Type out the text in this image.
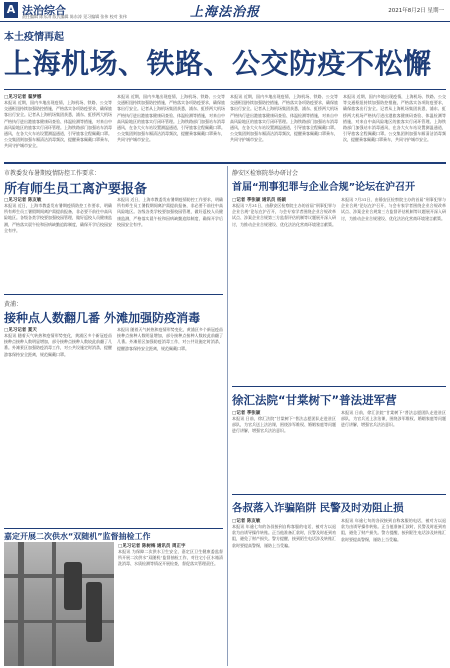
A 法治综合
责任编辑 陈东涛 版式编辑 陈东涛 见习编辑 张伟 校对 张伟	上海法治报	2021年8月2日 星期一
本土疫情再起
上海机场、铁路、公交防疫不松懈
□见习记者 翟梦娜
本报讯 近期，国内多地出现疫情，上海机场、铁路、公交等交通枢纽持续加强防控措施，严格落实各项防疫要求，确保旅客出行安全。记者从上海机场集团获悉，浦东、虹桥两大机场严格执行进出港旅客健康码查验、体温检测等措施，对来自中高风险地区的旅客实行闭环管理。上海铁路部门加强站车消毒通风，在各大火车站设置测温通道，引导旅客全程佩戴口罩。公交集团则加强车厢清洁消毒频次，提醒乘客佩戴口罩乘车，共同守护城市安全。
本报讯 近期，国内多地出现疫情，上海机场、铁路、公交等交通枢纽持续加强防控措施，严格落实各项防疫要求，确保旅客出行安全。记者从上海机场集团获悉，浦东、虹桥两大机场严格执行进出港旅客健康码查验、体温检测等措施，对来自中高风险地区的旅客实行闭环管理。上海铁路部门加强站车消毒通风，在各大火车站设置测温通道，引导旅客全程佩戴口罩。公交集团则加强车厢清洁消毒频次，提醒乘客佩戴口罩乘车，共同守护城市安全。
本报讯 近期，国内多地出现疫情，上海机场、铁路、公交等交通枢纽持续加强防控措施，严格落实各项防疫要求，确保旅客出行安全。记者从上海机场集团获悉，浦东、虹桥两大机场严格执行进出港旅客健康码查验、体温检测等措施，对来自中高风险地区的旅客实行闭环管理。上海铁路部门加强站车消毒通风，在各大火车站设置测温通道，引导旅客全程佩戴口罩。公交集团则加强车厢清洁消毒频次，提醒乘客佩戴口罩乘车，共同守护城市安全。
本报讯 近期，国内多地出现疫情，上海机场、铁路、公交等交通枢纽持续加强防控措施，严格落实各项防疫要求，确保旅客出行安全。记者从上海机场集团获悉，浦东、虹桥两大机场严格执行进出港旅客健康码查验、体温检测等措施，对来自中高风险地区的旅客实行闭环管理。上海铁路部门加强站车消毒通风，在各大火车站设置测温通道，引导旅客全程佩戴口罩。公交集团则加强车厢清洁消毒频次，提醒乘客佩戴口罩乘车，共同守护城市安全。
市教委发布暑期疫情防控工作要求：
所有师生员工离沪要报备
□见习记者 陈友敏
本报讯 近日，上海市教委发布暑期疫情防控工作要求，明确所有师生员工暑假期间离沪需提前报备，非必要不前往中高风险地区。各级各类学校要加强校园管理，做好返校人员健康监测，严格落实晨午检和因病缺勤追踪制度，确保开学后校园安全有序。
本报讯 近日，上海市教委发布暑期疫情防控工作要求，明确所有师生员工暑假期间离沪需提前报备，非必要不前往中高风险地区。各级各类学校要加强校园管理，做好返校人员健康监测，严格落实晨午检和因病缺勤追踪制度，确保开学后校园安全有序。
黄浦：
接种点人数翻几番 外滩加强防疫消毒
□见习记者 夏天
本报讯 随着天气转热和疫情形势变化，黄浦区多个新冠疫苗接种点接种人数明显增加，部分接种点接种人数较此前翻了几番。外滩景区加强防疫消毒工作，对公共设施定时消杀，提醒游客保持安全距离，规范佩戴口罩。
本报讯 随着天气转热和疫情形势变化，黄浦区多个新冠疫苗接种点接种人数明显增加，部分接种点接种人数较此前翻了几番。外滩景区加强防疫消毒工作，对公共设施定时消杀，提醒游客保持安全距离，规范佩戴口罩。
嘉定开展二次供水“双随机”监督抽检工作
□见习记者 陈树梅 通讯员 周正宇
本报讯 为保障二次供水卫生安全，嘉定区卫生健康委监督所开展二次供水“双随机”监督抽检工作，对住宅小区水箱清洗消毒、水质检测等情况开展检查，督促落实管理责任。
静安区检察院举办研讨会
首届“刑事犯罪与企业合规”论坛在沪召开
□记者 季张颖 通讯员 杨颖
本报讯 7月31日，由静安区检察院主办的首届“刑事犯罪与企业合规”论坛在沪召开，与会专家学者围绕企业合规改革试点、涉案企业合规第三方监督评估机制等议题展开深入研讨，为推动企业合规建设、优化法治化营商环境建言献策。
本报讯 7月31日，由静安区检察院主办的首届“刑事犯罪与企业合规”论坛在沪召开，与会专家学者围绕企业合规改革试点、涉案企业合规第三方监督评估机制等议题展开深入研讨，为推动企业合规建设、优化法治化营商环境建言献策。
徐汇法院“甘棠树下”普法进军营
□记者 季张颖
本报讯 日前，徐汇法院“甘棠树下”普法志愿团队走进驻区部队，为官兵送上法治课，围绕涉军维权、婚姻家庭等问题进行讲解，增强官兵法治意识。
本报讯 日前，徐汇法院“甘棠树下”普法志愿团队走进驻区部队，为官兵送上法治课，围绕涉军维权、婚姻家庭等问题进行讲解，增强官兵法治意识。
各叔落入诈骗陷阱 民警及时劝阻止损
□记者 陈友敏
本报讯 年逾七旬的各叔接到自称客服的电话，被对方以退款为由诱导操作转账。正当他准备汇款时，民警及时赶到劝阻，避免了财产损失。警方提醒，接到陌生电话涉及转账汇款时要提高警惕，谨防上当受骗。
本报讯 年逾七旬的各叔接到自称客服的电话，被对方以退款为由诱导操作转账。正当他准备汇款时，民警及时赶到劝阻，避免了财产损失。警方提醒，接到陌生电话涉及转账汇款时要提高警惕，谨防上当受骗。
